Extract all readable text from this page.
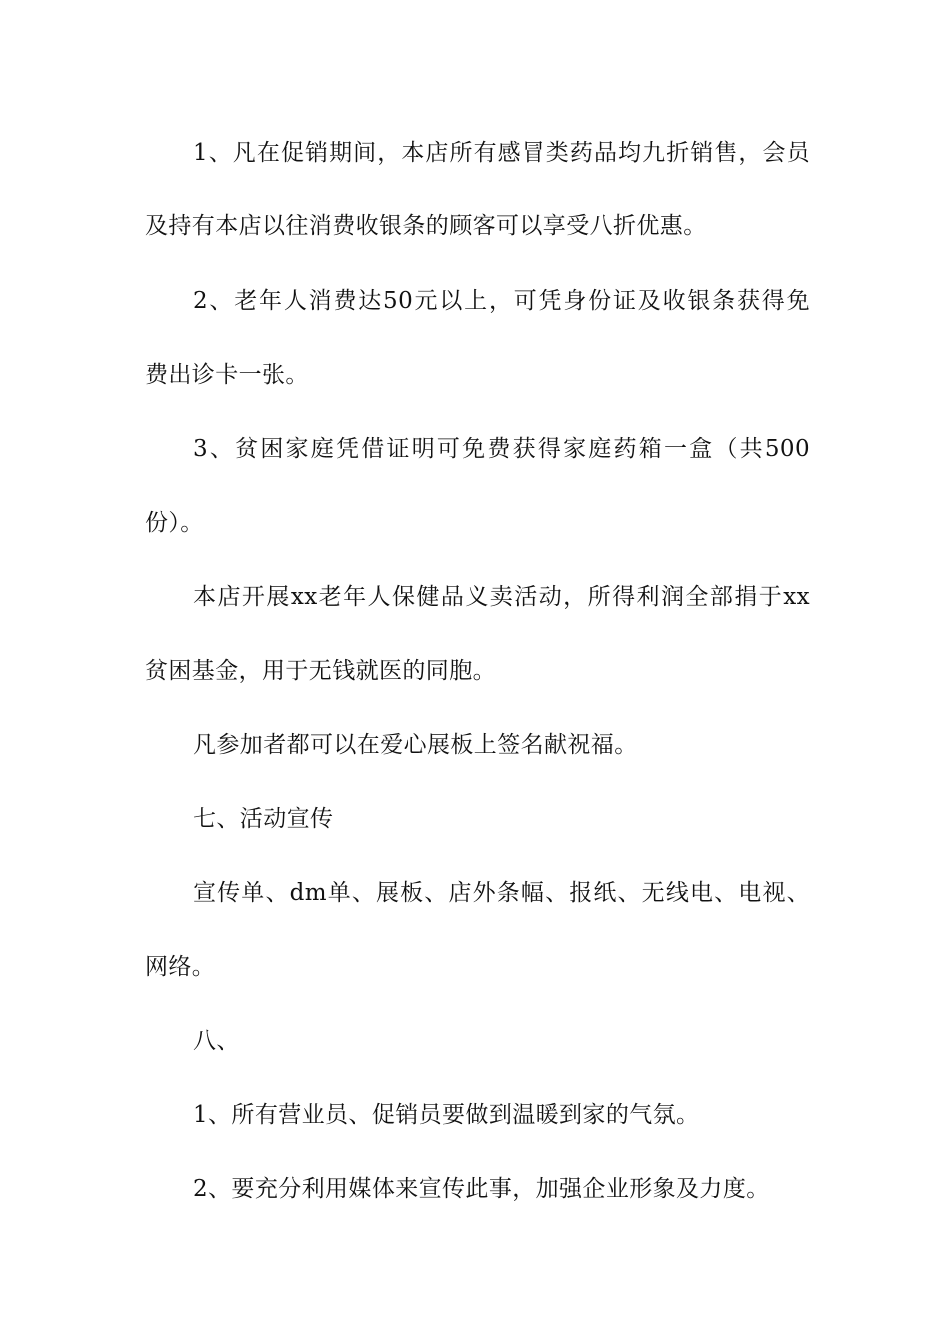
1、凡在促销期间，本店所有感冒类药品均九折销售，会员
及持有本店以往消费收银条的顾客可以享受八折优惠。
2、老年人消费达50元以上，可凭身份证及收银条获得免
费出诊卡一张。
3、贫困家庭凭借证明可免费获得家庭药箱一盒（共500
份）。
本店开展xx老年人保健品义卖活动，所得利润全部捐于xx
贫困基金，用于无钱就医的同胞。
凡参加者都可以在爱心展板上签名献祝福。
七、活动宣传
宣传单、dm单、展板、店外条幅、报纸、无线电、电视、
网络。
八、
1、所有营业员、促销员要做到温暖到家的气氛。
2、要充分利用媒体来宣传此事，加强企业形象及力度。
